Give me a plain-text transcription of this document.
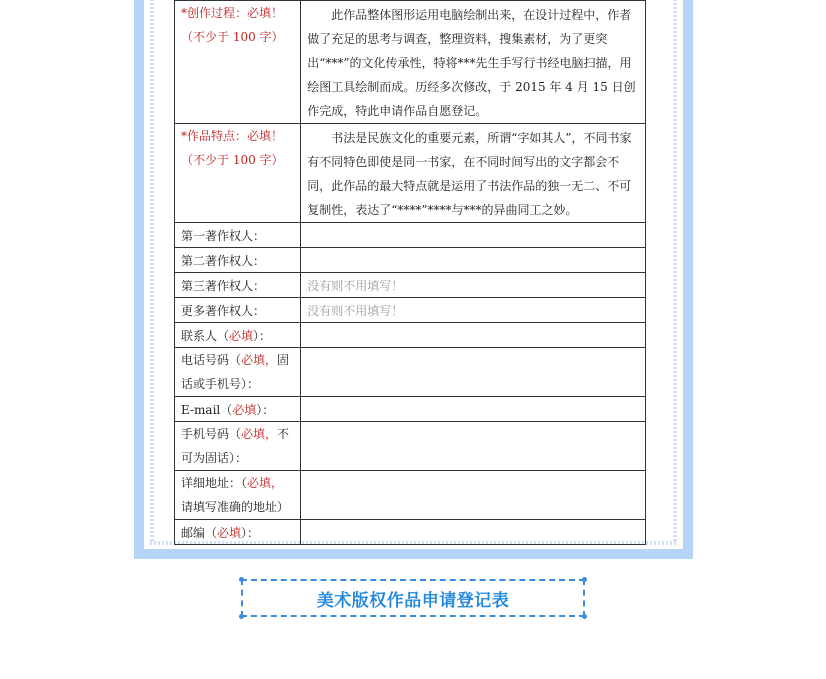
*创作过程：必填！
（不少于 100 字）	此作品整体图形运用电脑绘制出来，在设计过程中，作者做了充足的思考与调查，整理资料，搜集素材，为了更突出“***”的文化传承性，特将***先生手写行书经电脑扫描，用绘图工具绘制而成。历经多次修改，于 2015 年 4 月 15 日创作完成，特此申请作品自愿登记。

*作品特点：必填！
（不少于 100 字）	书法是民族文化的重要元素，所谓“字如其人”，不同书家有不同特色即使是同一书家，在不同时间写出的文字都会不同，此作品的最大特点就是运用了书法作品的独一无二、不可复制性，表达了“****”****与***的异曲同工之妙。

第一著作权人：	
第二著作权人：	
第三著作权人：	没有则不用填写！
更多著作权人：	没有则不用填写！
联系人（必填）：	
电话号码（必填，固话或手机号）：	
E-mail（必填）：	
手机号码（必填，不可为固话）：	
详细地址：（必填，请填写准确的地址）	
邮编（必填）：	
美术版权作品申请登记表
